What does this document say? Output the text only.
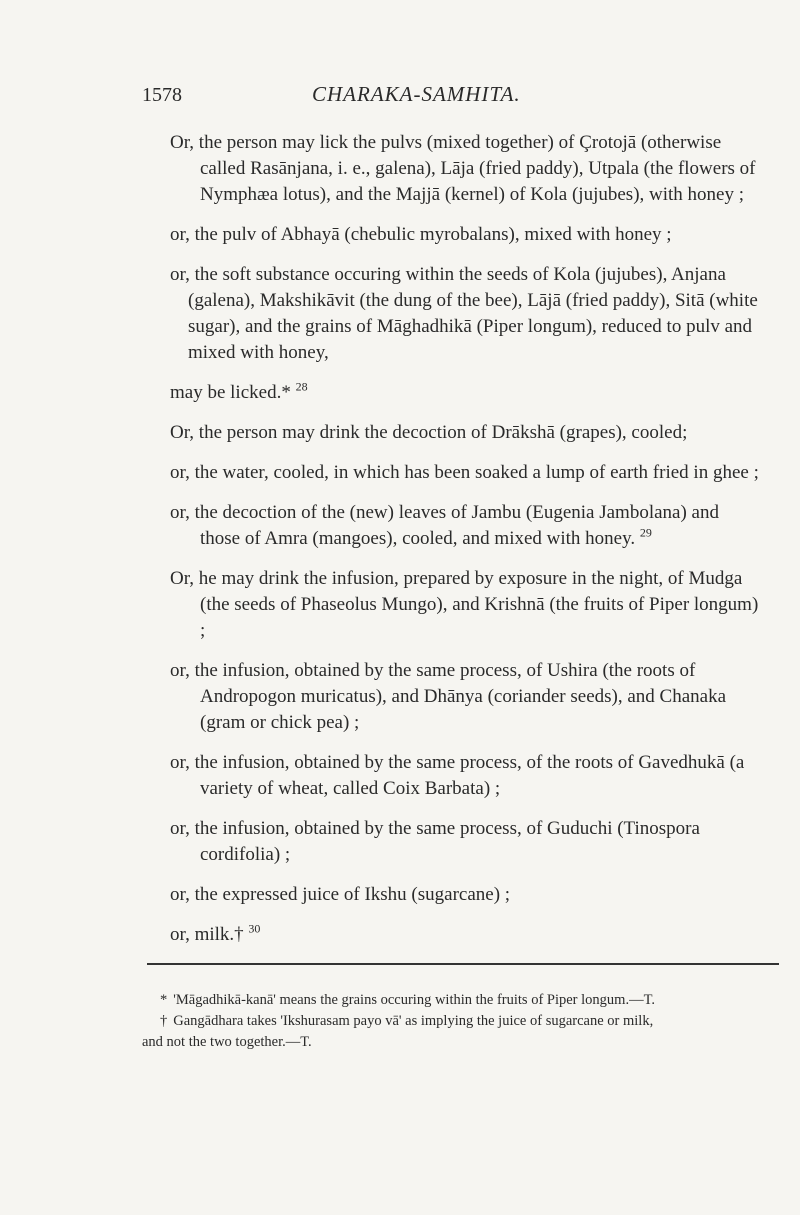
1578	CHARAKA-SAMHITA.

Or, the person may lick the pulvs (mixed together) of Çrotojā (otherwise called Rasānjana, i. e., galena), Lāja (fried paddy), Utpala (the flowers of Nymphæa lotus), and the Majjā (kernel) of Kola (jujubes), with honey ;

or, the pulv of Abhayā (chebulic myrobalans), mixed with honey ;

or, the soft substance occuring within the seeds of Kola (jujubes), Anjana (galena), Makshikāvit (the dung of the bee), Lājā (fried paddy), Sitā (white sugar), and the grains of Māghadhikā (Piper longum), reduced to pulv and mixed with honey,

may be licked.* $^{28}$

Or, the person may drink the decoction of Drākshā (grapes), cooled;

or, the water, cooled, in which has been soaked a lump of earth fried in ghee ;

or, the decoction of the (new) leaves of Jambu (Eugenia Jambolana) and those of Amra (mangoes), cooled, and mixed with honey. $^{29}$

Or, he may drink the infusion, prepared by exposure in the night, of Mudga (the seeds of Phaseolus Mungo), and Krishnā (the fruits of Piper longum) ;

or, the infusion, obtained by the same process, of Ushira (the roots of Andropogon muricatus), and Dhānya (coriander seeds), and Chanaka (gram or chick pea) ;

or, the infusion, obtained by the same process, of the roots of Gavedhukā (a variety of wheat, called Coix Barbata) ;

or, the infusion, obtained by the same process, of Guduchi (Tinospora cordifolia) ;

or, the expressed juice of Ikshu (sugarcane) ;

or, milk.† $^{30}$

* 'Māgadhikā-kanā' means the grains occuring within the fruits of Piper longum.—T.

† Gangādhara takes 'Ikshurasam payo vā' as implying the juice of sugarcane or milk,

and not the two together.—T.
